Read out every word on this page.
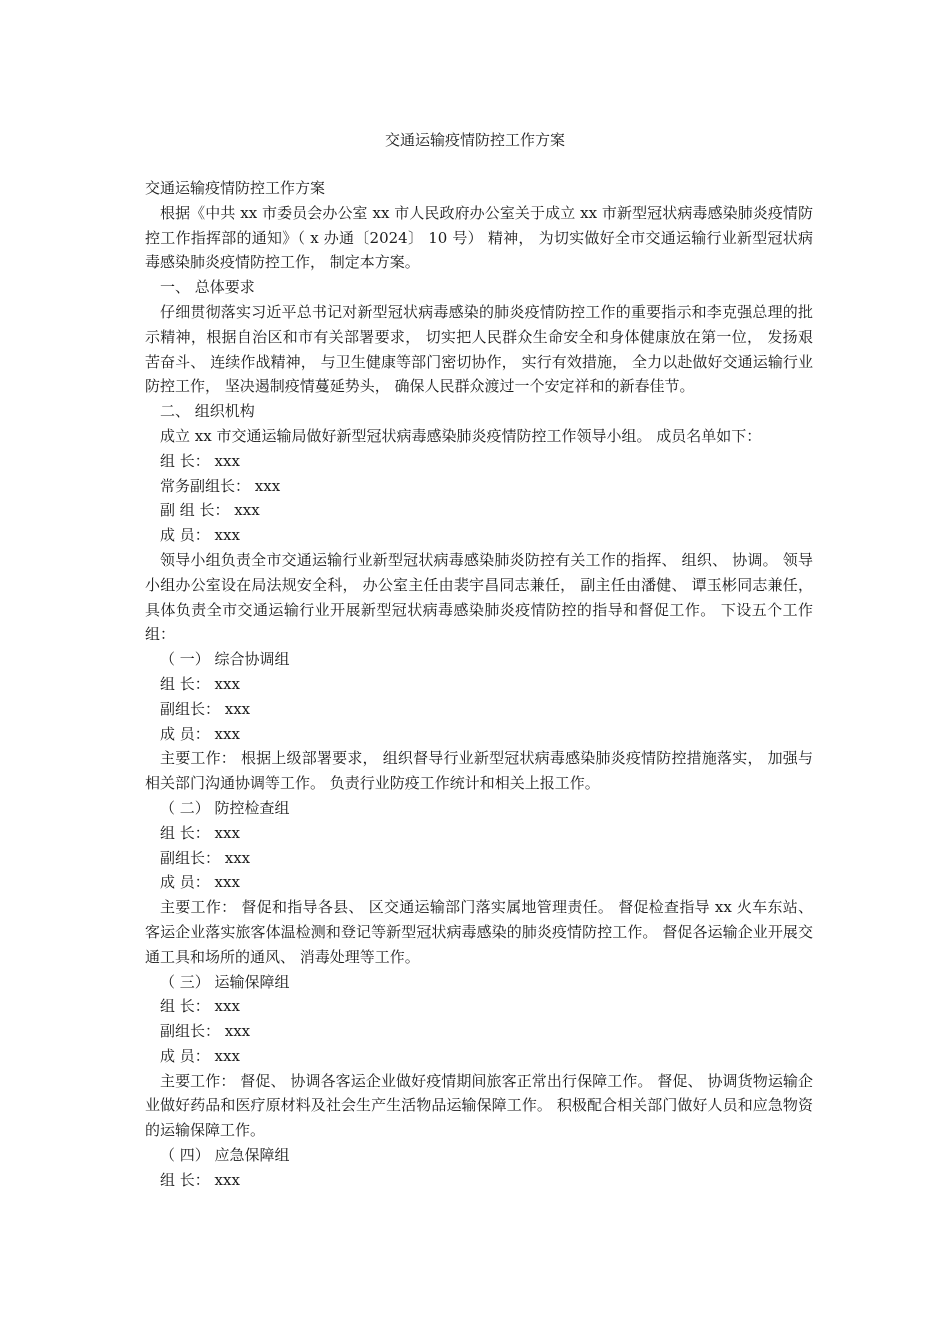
交通运输疫情防控工作方案

交通运输疫情防控工作方案

根据《中共 xx 市委员会办公室 xx 市人民政府办公室关于成立 xx 市新型冠状病毒感染肺炎疫情防控工作指挥部的通知》（ x 办通〔2024〕 10 号） 精神， 为切实做好全市交通运输行业新型冠状病毒感染肺炎疫情防控工作， 制定本方案。

一、 总体要求

仔细贯彻落实习近平总书记对新型冠状病毒感染的肺炎疫情防控工作的重要指示和李克强总理的批示精神，根据自治区和市有关部署要求， 切实把人民群众生命安全和身体健康放在第一位， 发扬艰苦奋斗、 连续作战精神， 与卫生健康等部门密切协作， 实行有效措施， 全力以赴做好交通运输行业防控工作， 坚决遏制疫情蔓延势头， 确保人民群众渡过一个安定祥和的新春佳节。

二、 组织机构

成立 xx 市交通运输局做好新型冠状病毒感染肺炎疫情防控工作领导小组。 成员名单如下：

组 长： xxx

常务副组长： xxx

副 组 长： xxx

成 员： xxx

领导小组负责全市交通运输行业新型冠状病毒感染肺炎防控有关工作的指挥、 组织、 协调。 领导小组办公室设在局法规安全科， 办公室主任由裴宇昌同志兼任， 副主任由潘健、 谭玉彬同志兼任， 具体负责全市交通运输行业开展新型冠状病毒感染肺炎疫情防控的指导和督促工作。 下设五个工作组：

（ 一） 综合协调组

组 长： xxx

副组长： xxx

成 员： xxx

主要工作： 根据上级部署要求， 组织督导行业新型冠状病毒感染肺炎疫情防控措施落实， 加强与相关部门沟通协调等工作。 负责行业防疫工作统计和相关上报工作。

（ 二） 防控检查组

组 长： xxx

副组长： xxx

成 员： xxx

主要工作： 督促和指导各县、 区交通运输部门落实属地管理责任。 督促检查指导 xx 火车东站、 客运企业落实旅客体温检测和登记等新型冠状病毒感染的肺炎疫情防控工作。 督促各运输企业开展交通工具和场所的通风、 消毒处理等工作。

（ 三） 运输保障组

组 长： xxx

副组长： xxx

成 员： xxx

主要工作： 督促、 协调各客运企业做好疫情期间旅客正常出行保障工作。 督促、 协调货物运输企业做好药品和医疗原材料及社会生产生活物品运输保障工作。 积极配合相关部门做好人员和应急物资的运输保障工作。

（ 四） 应急保障组

组 长： xxx
